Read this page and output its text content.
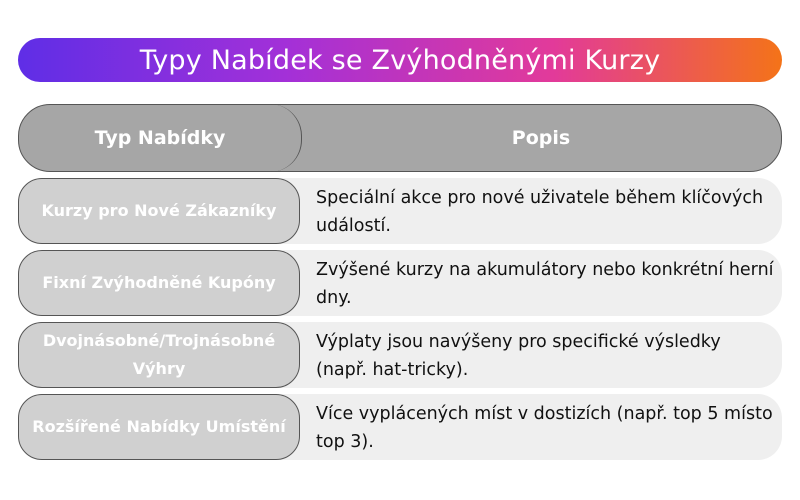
Typy Nabídek se Zvýhodněnými Kurzy
Typ Nabídky	Popis
Kurzy pro Nové Zákazníky
Speciální akce pro nové uživatele během klíčových událostí.
Fixní Zvýhodněné Kupóny
Zvýšené kurzy na akumulátory nebo konkrétní herní dny.
Dvojnásobné/Trojnásobné Výhry
Výplaty jsou navýšeny pro specifické výsledky (např. hat-tricky).
Rozšířené Nabídky Umístění
Více vyplácených míst v dostizích (např. top 5 místo top 3).
